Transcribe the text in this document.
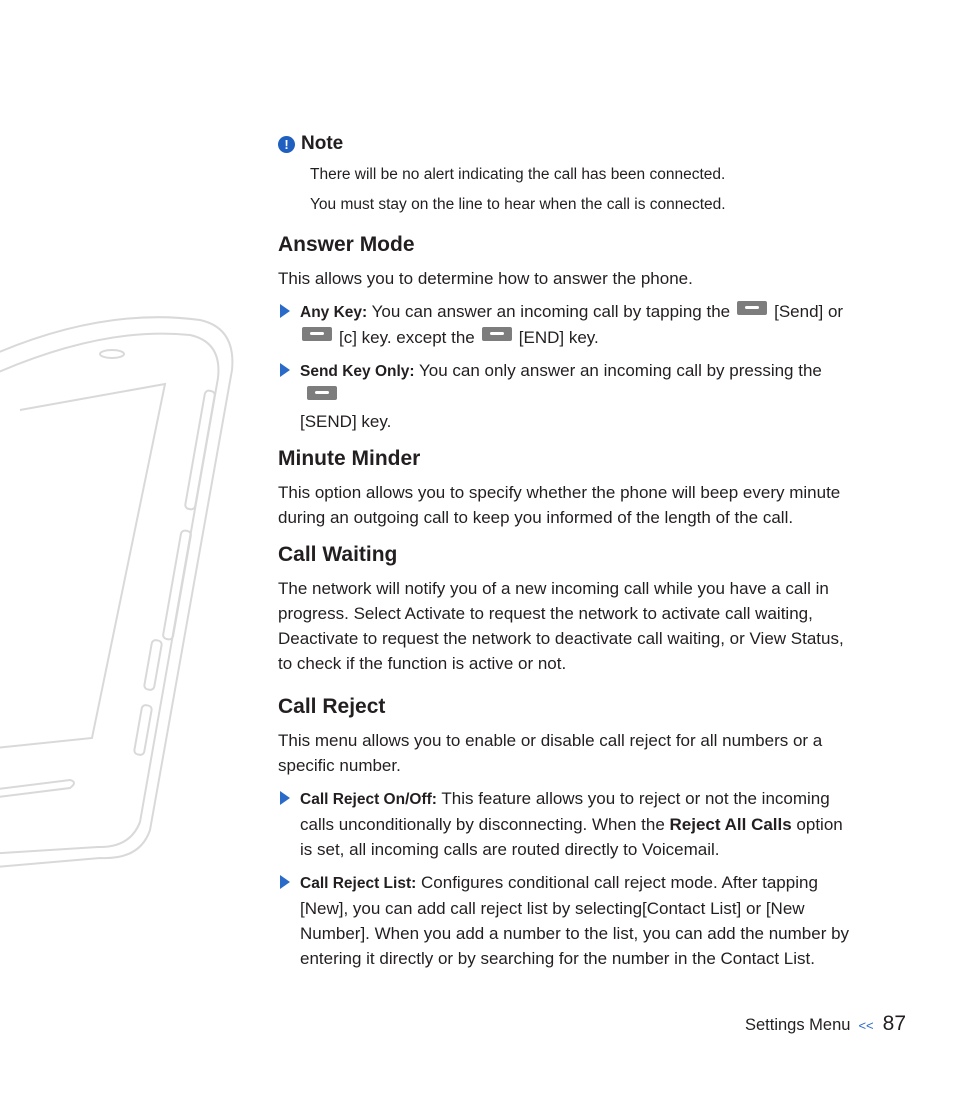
! Note
There will be no alert indicating the call has been connected.
You must stay on the line to hear when the call is connected.
Answer Mode

This allows you to determine how to answer the phone.

Any Key: You can answer an incoming call by tapping the	[Send] or
[c] key. except the	[END] key.
Send Key Only: You can only answer an incoming call by pressing the
[SEND] key.
Minute Minder

This option allows you to specify whether the phone will beep every minute during an outgoing call to keep you informed of the length of the call.

Call Waiting

The network will notify you of a new incoming call while you have a call in progress. Select Activate to request the network to activate call waiting, Deactivate to request the network to deactivate call waiting, or View Status, to check if the function is active or not.

Call Reject

This menu allows you to enable or disable call reject for all numbers or a specific number.

Call Reject On/Off: This feature allows you to reject or not the incoming calls unconditionally by disconnecting. When the Reject All Calls option is set, all incoming calls are routed directly to Voicemail.
Call Reject List: Configures conditional call reject mode. After tapping [New], you can add call reject list by selecting[Contact List] or [New Number]. When you add a number to the list, you can add the number by entering it directly or by searching for the number in the Contact List.
Settings Menu << 87
